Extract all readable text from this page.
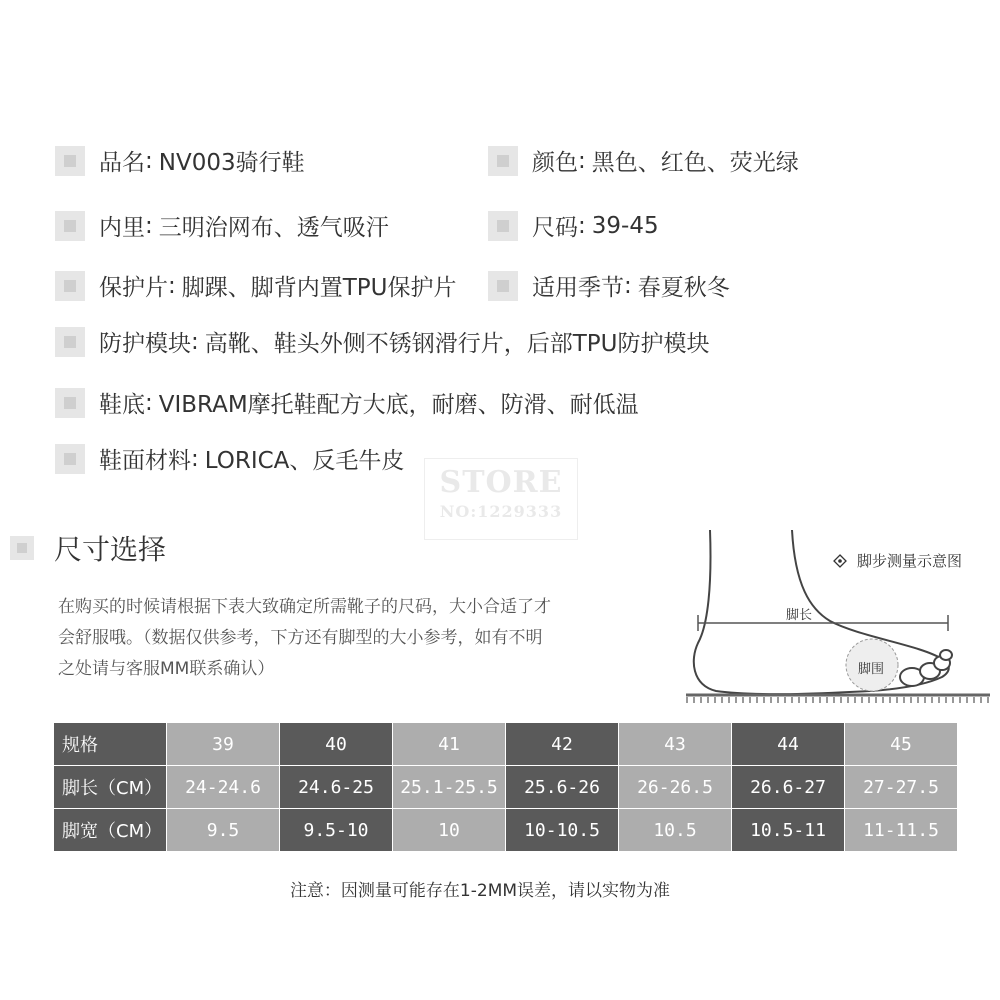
品名 : NV003骑行鞋	颜色 : 黑色、红色、荧光绿
内里 : 三明治网布、透气吸汗	尺码 : 39-45
保护片 : 脚踝、脚背内置TPU保护片	适用季节 : 春夏秋冬
防护模块 : 高靴、鞋头外侧不锈钢滑行片，后部TPU防护模块
鞋底 : VIBRAM摩托鞋配方大底，耐磨、防滑、耐低温
鞋面材料 : LORICA、反毛牛皮
STORE
NO:1229333
尺寸选择
在购买的时候请根据下表大致确定所需靴子的尺码，大小合适了才
会舒服哦。（数据仅供参考，下方还有脚型的大小参考，如有不明
之处请与客服MM联系确认）
脚长
脚围
脚步测量示意图
规格	39	40	41	42	43	44	45
脚长（CM）	24-24.6	24.6-25	25.1-25.5	25.6-26	26-26.5	26.6-27	27-27.5
脚宽（CM）	9.5	9.5-10	10	10-10.5	10.5	10.5-11	11-11.5
注意：因测量可能存在1-2MM误差，请以实物为准
